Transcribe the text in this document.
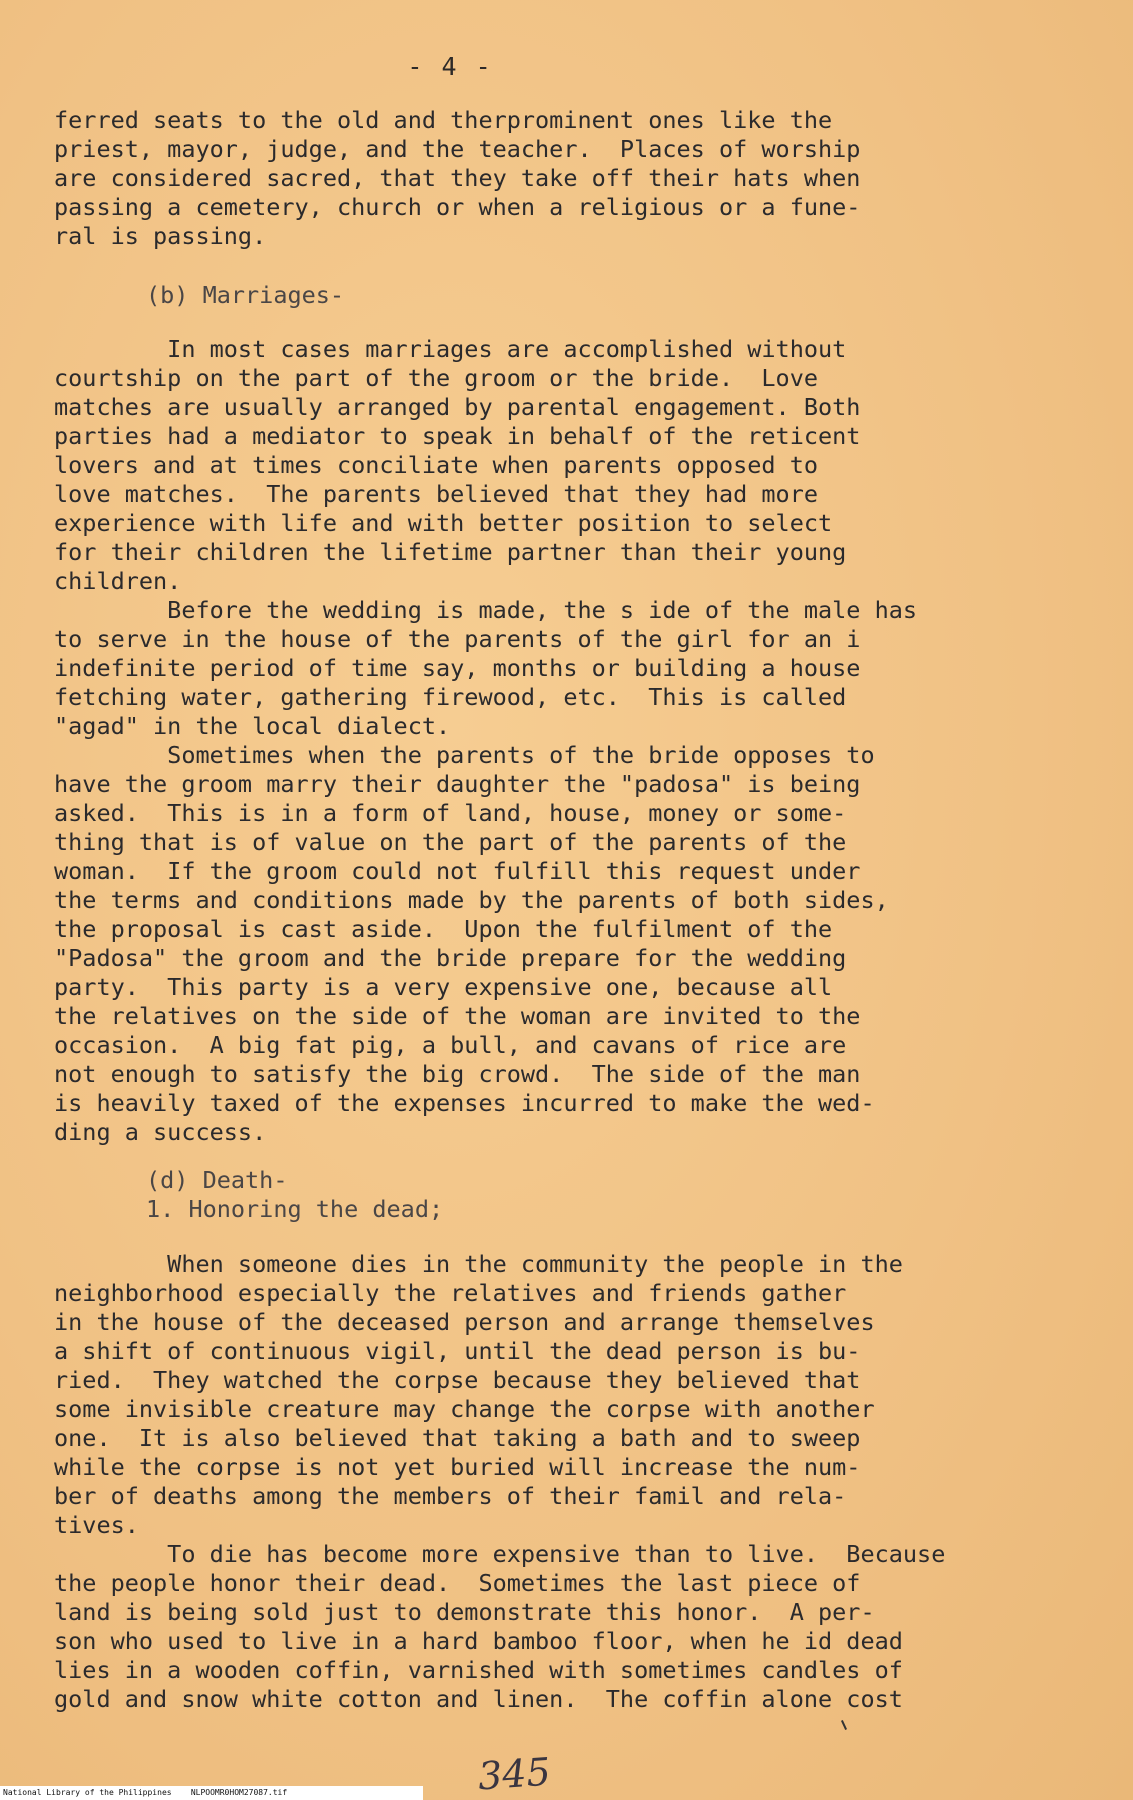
- 4 -

ferred seats to the old and therprominent ones like the
priest, mayor, judge, and the teacher.  Places of worship
are considered sacred, that they take off their hats when
passing a cemetery, church or when a religious or a fune-
ral is passing.

(b) Marriages-

In most cases marriages are accomplished without
courtship on the part of the groom or the bride.  Love
matches are usually arranged by parental engagement. Both
parties had a mediator to speak in behalf of the reticent
lovers and at times conciliate when parents opposed to
love matches.  The parents believed that they had more
experience with life and with better position to select
for their children the lifetime partner than their young
children.
Before the wedding is made, the s ide of the male has
to serve in the house of the parents of the girl for an i
indefinite period of time say, months or building a house
fetching water, gathering firewood, etc.  This is called
"agad" in the local dialect.
Sometimes when the parents of the bride opposes to
have the groom marry their daughter the "padosa" is being
asked.  This is in a form of land, house, money or some-
thing that is of value on the part of the parents of the
woman.  If the groom could not fulfill this request under
the terms and conditions made by the parents of both sides,
the proposal is cast aside.  Upon the fulfilment of the
"Padosa" the groom and the bride prepare for the wedding
party.  This party is a very expensive one, because all
the relatives on the side of the woman are invited to the
occasion.  A big fat pig, a bull, and cavans of rice are
not enough to satisfy the big crowd.  The side of the man
is heavily taxed of the expenses incurred to make the wed-
ding a success.

(d) Death-
1. Honoring the dead;

When someone dies in the community the people in the
neighborhood especially the relatives and friends gather
in the house of the deceased person and arrange themselves
a shift of continuous vigil, until the dead person is bu-
ried.  They watched the corpse because they believed that
some invisible creature may change the corpse with another
one.  It is also believed that taking a bath and to sweep
while the corpse is not yet buried will increase the num-
ber of deaths among the members of their famil and rela-
tives.
To die has become more expensive than to live.  Because
the people honor their dead.  Sometimes the last piece of
land is being sold just to demonstrate this honor.  A per-
son who used to live in a hard bamboo floor, when he id dead
lies in a wooden coffin, varnished with sometimes candles of
gold and snow white cotton and linen.  The coffin alone cost

345
National Library of the Philippines    NLPOOMR0HOM27087.tif
